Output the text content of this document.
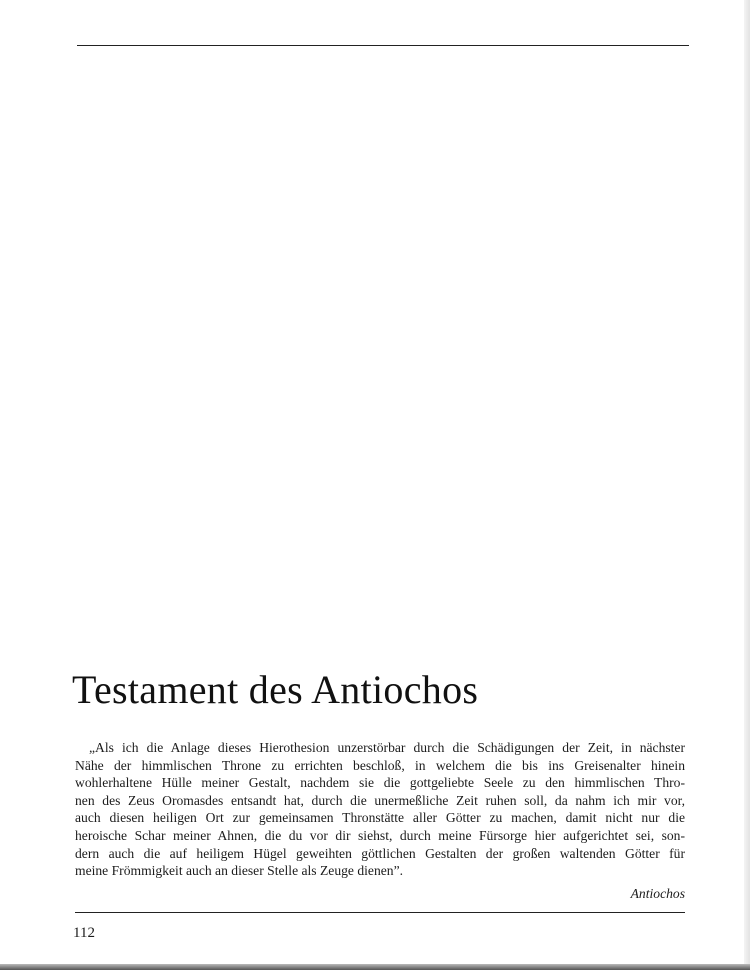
Testament des Antiochos

„Als ich die Anlage dieses Hierothesion unzerstörbar durch die Schädigungen der Zeit, in nächster
Nähe der himmlischen Throne zu errichten beschloß, in welchem die bis ins Greisenalter hinein
wohlerhaltene Hülle meiner Gestalt, nachdem sie die gottgeliebte Seele zu den himmlischen Thro-
nen des Zeus Oromasdes entsandt hat, durch die unermeßliche Zeit ruhen soll, da nahm ich mir vor,
auch diesen heiligen Ort zur gemeinsamen Thronstätte aller Götter zu machen, damit nicht nur die
heroische Schar meiner Ahnen, die du vor dir siehst, durch meine Fürsorge hier aufgerichtet sei, son-
dern auch die auf heiligem Hügel geweihten göttlichen Gestalten der großen waltenden Götter für
meine Frömmigkeit auch an dieser Stelle als Zeuge dienen”.

Antiochos

112
